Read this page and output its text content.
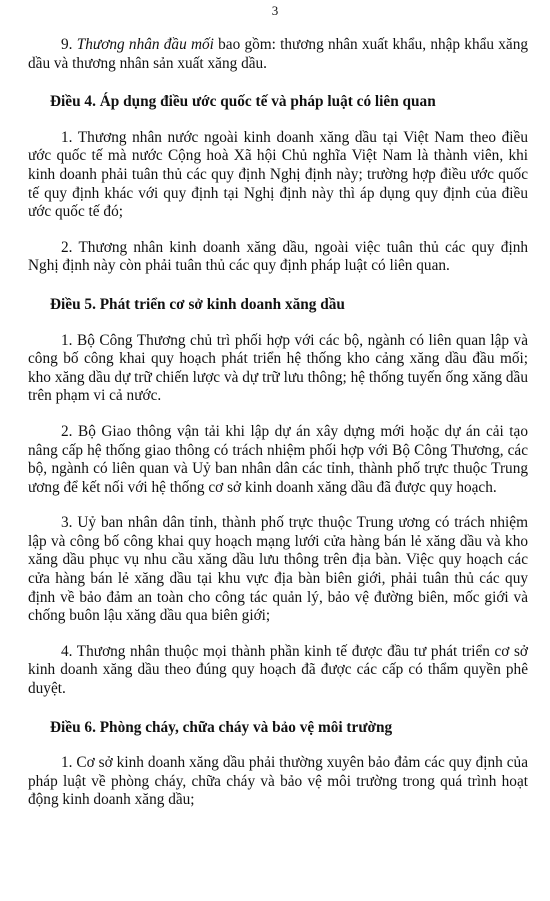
3

9. Thương nhân đầu mối bao gồm: thương nhân xuất khẩu, nhập khẩu xăng dầu và thương nhân sản xuất xăng dầu.

Điều 4. Áp dụng điều ước quốc tế và pháp luật có liên quan

1. Thương nhân nước ngoài kinh doanh xăng dầu tại Việt Nam theo điều ước quốc tế mà nước Cộng hoà Xã hội Chủ nghĩa Việt Nam là thành viên, khi kinh doanh phải tuân thủ các quy định Nghị định này; trường hợp điều ước quốc tế quy định khác với quy định tại Nghị định này thì áp dụng quy định của điều ước quốc tế đó;

2. Thương nhân kinh doanh xăng dầu, ngoài việc tuân thủ các quy định Nghị định này còn phải tuân thủ các quy định pháp luật có liên quan.

Điều 5. Phát triển cơ sở kinh doanh xăng dầu

1. Bộ Công Thương chủ trì phối hợp với các bộ, ngành có liên quan lập và công bố công khai quy hoạch phát triển hệ thống kho cảng xăng dầu đầu mối; kho xăng dầu dự trữ chiến lược và dự trữ lưu thông; hệ thống tuyến ống xăng dầu trên phạm vi cả nước.

2. Bộ Giao thông vận tải khi lập dự án xây dựng mới hoặc dự án cải tạo nâng cấp hệ thống giao thông có trách nhiệm phối hợp với Bộ Công Thương, các bộ, ngành có liên quan và Uỷ ban nhân dân các tỉnh, thành phố trực thuộc Trung ương để kết nối với hệ thống cơ sở kinh doanh xăng dầu đã được quy hoạch.

3. Uỷ ban nhân dân tỉnh, thành phố trực thuộc Trung ương có trách nhiệm lập và công bố công khai quy hoạch mạng lưới cửa hàng bán lẻ xăng dầu và kho xăng dầu phục vụ nhu cầu xăng dầu lưu thông trên địa bàn. Việc quy hoạch các cửa hàng bán lẻ xăng dầu tại khu vực địa bàn biên giới, phải tuân thủ các quy định về bảo đảm an toàn cho công tác quản lý, bảo vệ đường biên, mốc giới và chống buôn lậu xăng dầu qua biên giới;

4. Thương nhân thuộc mọi thành phần kinh tế được đầu tư phát triển cơ sở kinh doanh xăng dầu theo đúng quy hoạch đã được các cấp có thẩm quyền phê duyệt.

Điều 6. Phòng cháy, chữa cháy và bảo vệ môi trường

1. Cơ sở kinh doanh xăng dầu phải thường xuyên bảo đảm các quy định của pháp luật về phòng cháy, chữa cháy và bảo vệ môi trường trong quá trình hoạt động kinh doanh xăng dầu;
